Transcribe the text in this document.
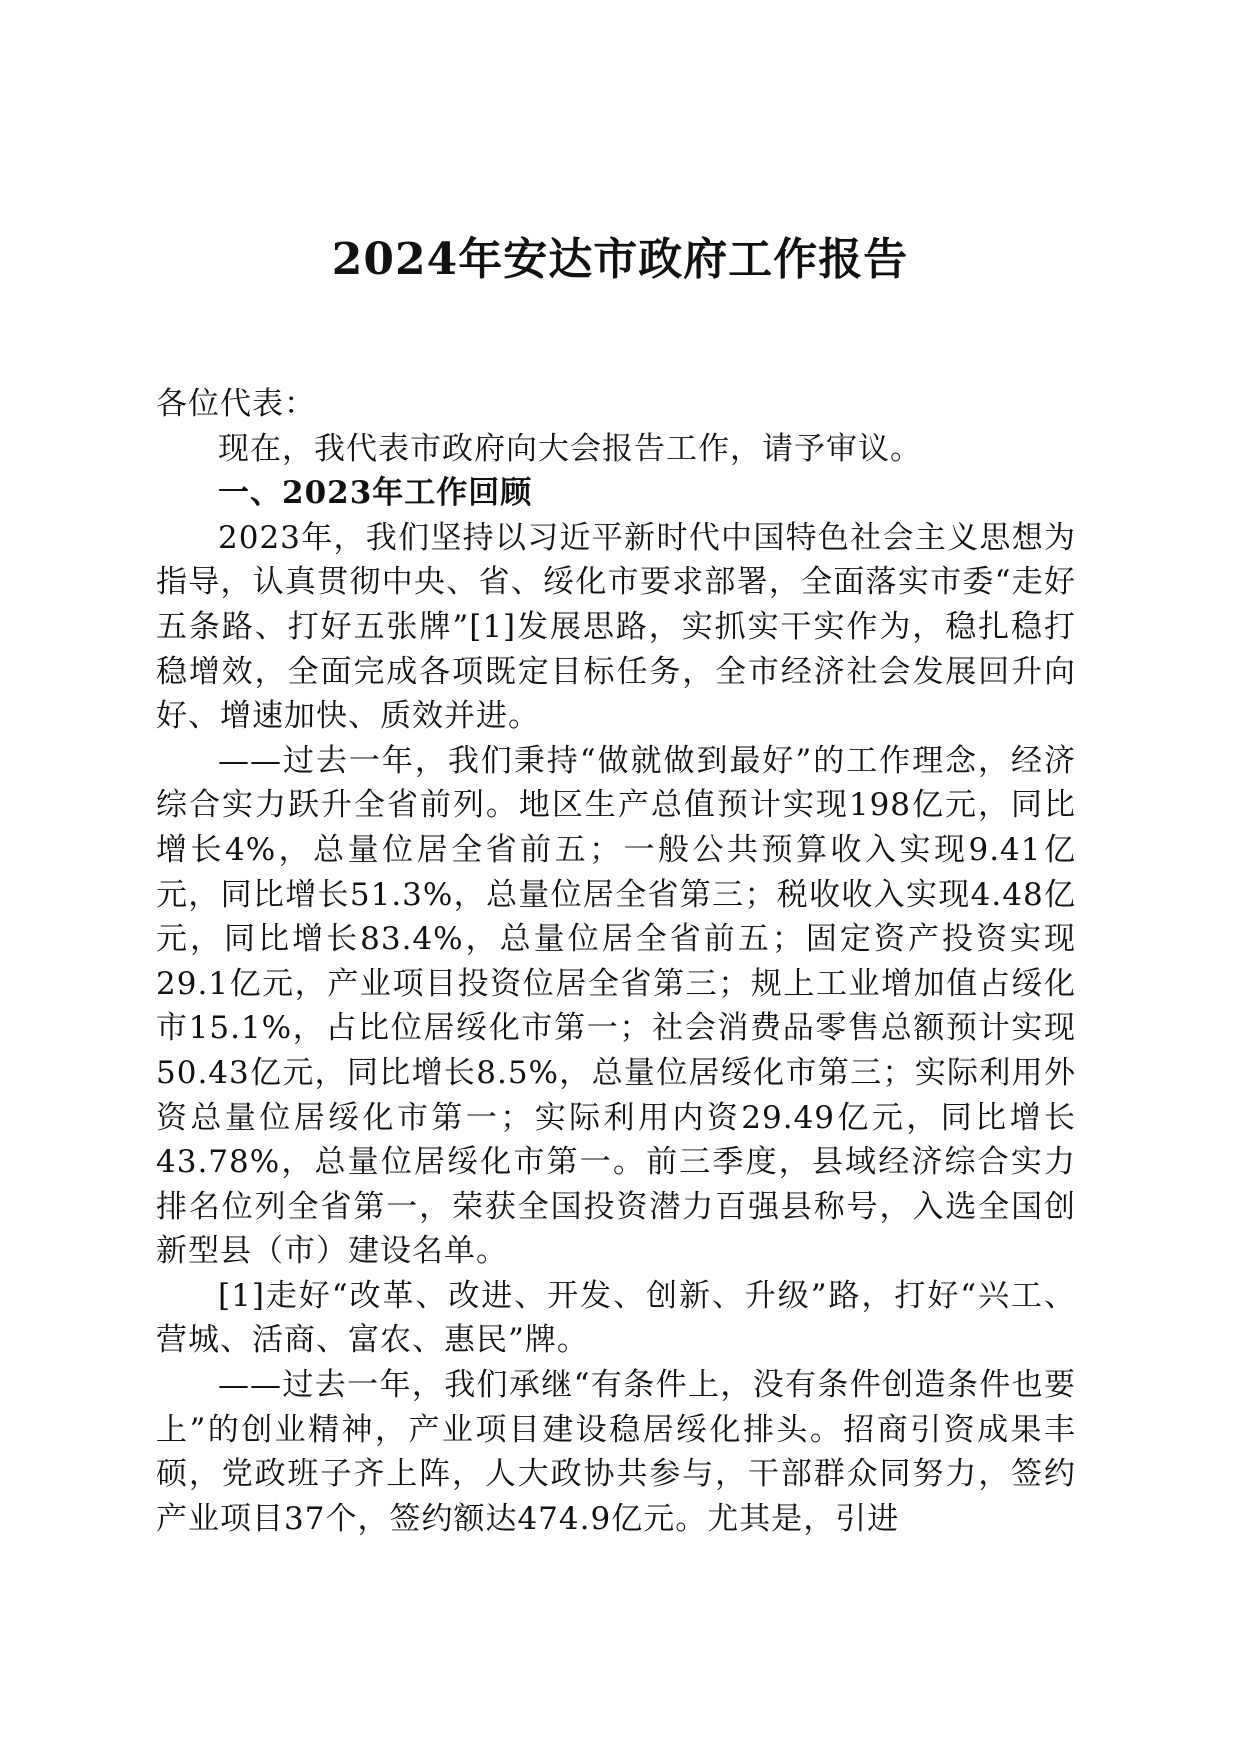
2024年安达市政府工作报告

各位代表：

现在，我代表市政府向大会报告工作，请予审议。

一、2023年工作回顾

2023年，我们坚持以习近平新时代中国特色社会主义思想为指导，认真贯彻中央、省、绥化市要求部署，全面落实市委“走好五条路、打好五张牌”[1]发展思路，实抓实干实作为，稳扎稳打稳增效，全面完成各项既定目标任务，全市经济社会发展回升向好、增速加快、质效并进。

——过去一年，我们秉持“做就做到最好”的工作理念，经济综合实力跃升全省前列。地区生产总值预计实现198亿元，同比增长4%，总量位居全省前五；一般公共预算收入实现9.41亿元，同比增长51.3%，总量位居全省第三；税收收入实现4.48亿元，同比增长83.4%，总量位居全省前五；固定资产投资实现29.1亿元，产业项目投资位居全省第三；规上工业增加值占绥化市15.1%，占比位居绥化市第一；社会消费品零售总额预计实现50.43亿元，同比增长8.5%，总量位居绥化市第三；实际利用外资总量位居绥化市第一；实际利用内资29.49亿元，同比增长43.78%，总量位居绥化市第一。前三季度，县域经济综合实力排名位列全省第一，荣获全国投资潜力百强县称号，入选全国创新型县（市）建设名单。

[1]走好“改革、改进、开发、创新、升级”路，打好“兴工、营城、活商、富农、惠民”牌。

——过去一年，我们承继“有条件上，没有条件创造条件也要上”的创业精神，产业项目建设稳居绥化排头。招商引资成果丰硕，党政班子齐上阵，人大政协共参与，干部群众同努力，签约产业项目37个，签约额达474.9亿元。尤其是，引进
